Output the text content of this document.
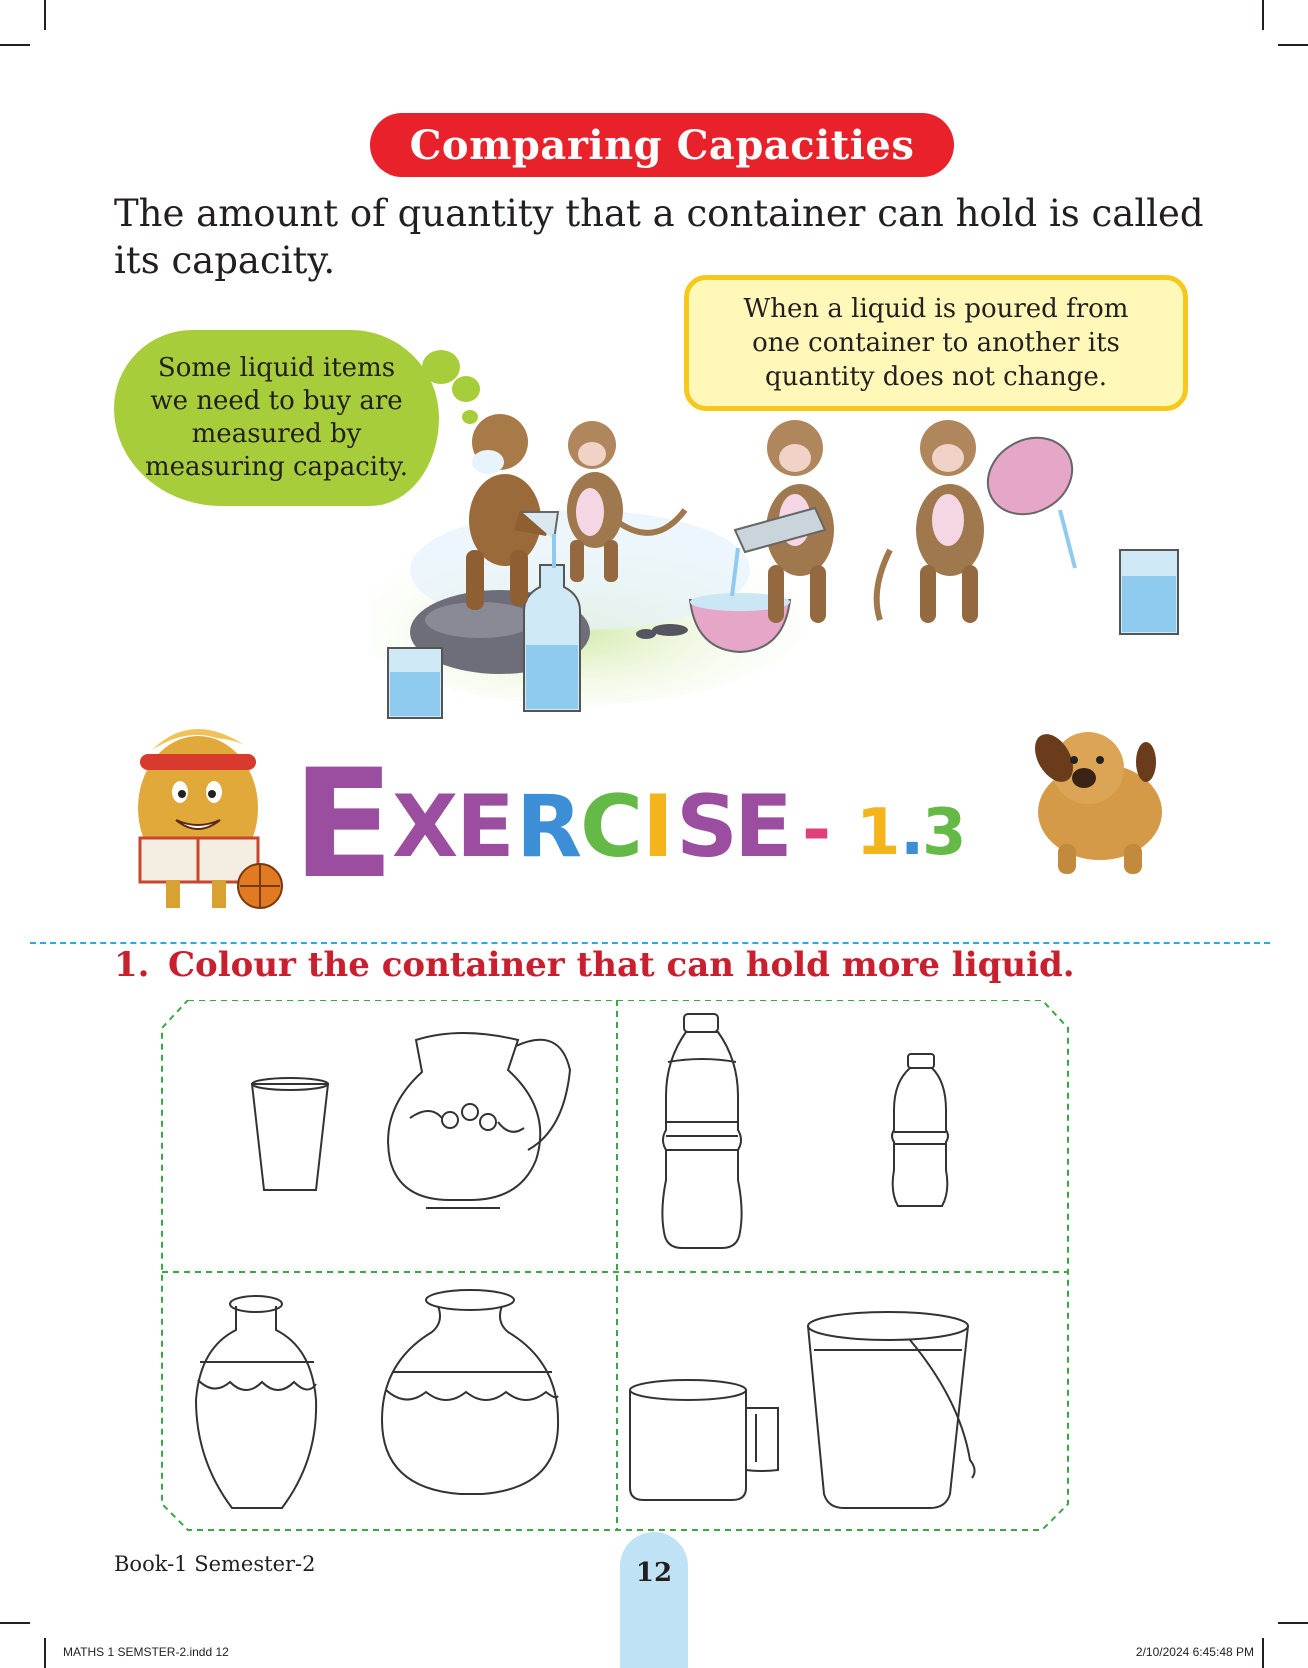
Comparing Capacities
The amount of quantity that a container can hold is called its capacity.
Some liquid items we need to buy are measured by measuring capacity.
When a liquid is poured from one container to another its quantity does not change.
E
X
E R
C
I S
E - 1 .
3
1. Colour the container that can hold more liquid.
Book-1 Semester-2	12
MATHS 1 SEMSTER-2.indd 12	2/10/2024 6:45:48 PM
